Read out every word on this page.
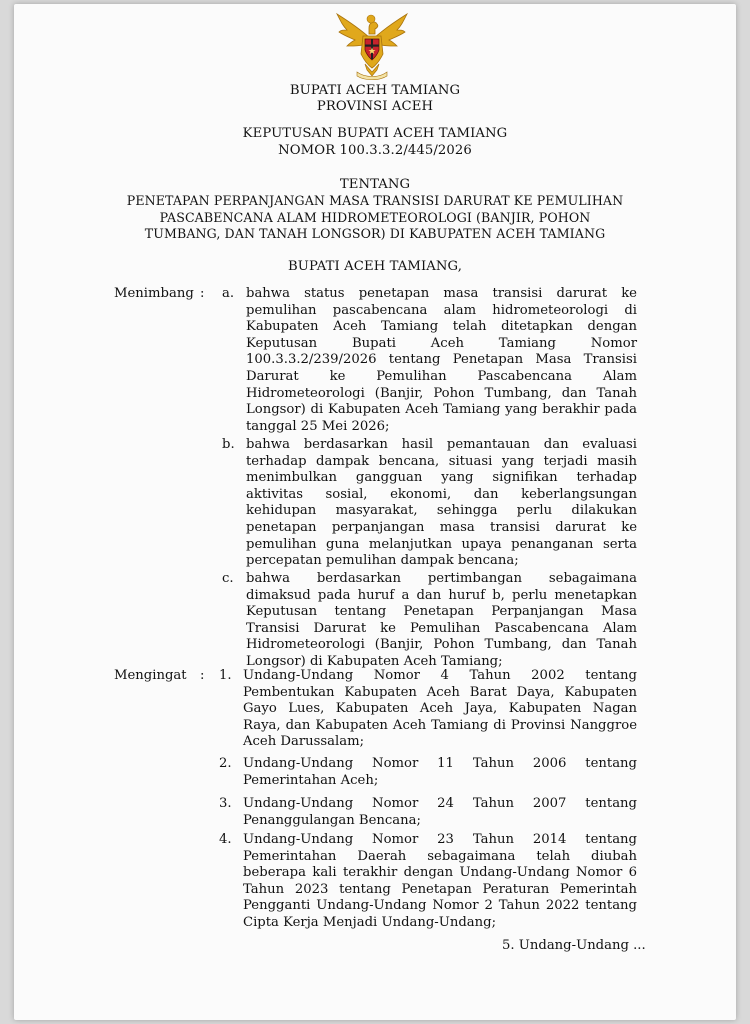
BUPATI ACEH TAMIANG
PROVINSI ACEH
KEPUTUSAN BUPATI ACEH TAMIANG
NOMOR 100.3.3.2/445/2026
TENTANG
PENETAPAN PERPANJANGAN MASA TRANSISI DARURAT KE PEMULIHAN
PASCABENCANA ALAM HIDROMETEOROLOGI (BANJIR, POHON
TUMBANG, DAN TANAH LONGSOR) DI KABUPATEN ACEH TAMIANG
BUPATI ACEH TAMIANG,
Menimbang : a. bahwa status penetapan masa transisi darurat ke
pemulihan pascabencana alam hidrometeorologi di
Kabupaten Aceh Tamiang telah ditetapkan dengan
Keputusan Bupati Aceh Tamiang Nomor
100.3.3.2/239/2026 tentang Penetapan Masa Transisi
Darurat ke Pemulihan Pascabencana Alam
Hidrometeorologi (Banjir, Pohon Tumbang, dan Tanah
Longsor) di Kabupaten Aceh Tamiang yang berakhir pada
tanggal 25 Mei 2026;
b. bahwa berdasarkan hasil pemantauan dan evaluasi
terhadap dampak bencana, situasi yang terjadi masih
menimbulkan gangguan yang signifikan terhadap
aktivitas sosial, ekonomi, dan keberlangsungan
kehidupan masyarakat, sehingga perlu dilakukan
penetapan perpanjangan masa transisi darurat ke
pemulihan guna melanjutkan upaya penanganan serta
percepatan pemulihan dampak bencana;
c. bahwa berdasarkan pertimbangan sebagaimana
dimaksud pada huruf a dan huruf b, perlu menetapkan
Keputusan tentang Penetapan Perpanjangan Masa
Transisi Darurat ke Pemulihan Pascabencana Alam
Hidrometeorologi (Banjir, Pohon Tumbang, dan Tanah
Longsor) di Kabupaten Aceh Tamiang;
Mengingat : 1. Undang-Undang Nomor 4 Tahun 2002 tentang
Pembentukan Kabupaten Aceh Barat Daya, Kabupaten
Gayo Lues, Kabupaten Aceh Jaya, Kabupaten Nagan
Raya, dan Kabupaten Aceh Tamiang di Provinsi Nanggroe
Aceh Darussalam;
2. Undang-Undang Nomor 11 Tahun 2006 tentang
Pemerintahan Aceh;
3. Undang-Undang Nomor 24 Tahun 2007 tentang
Penanggulangan Bencana;
4. Undang-Undang Nomor 23 Tahun 2014 tentang
Pemerintahan Daerah sebagaimana telah diubah
beberapa kali terakhir dengan Undang-Undang Nomor 6
Tahun 2023 tentang Penetapan Peraturan Pemerintah
Pengganti Undang-Undang Nomor 2 Tahun 2022 tentang
Cipta Kerja Menjadi Undang-Undang;
5. Undang-Undang ...
